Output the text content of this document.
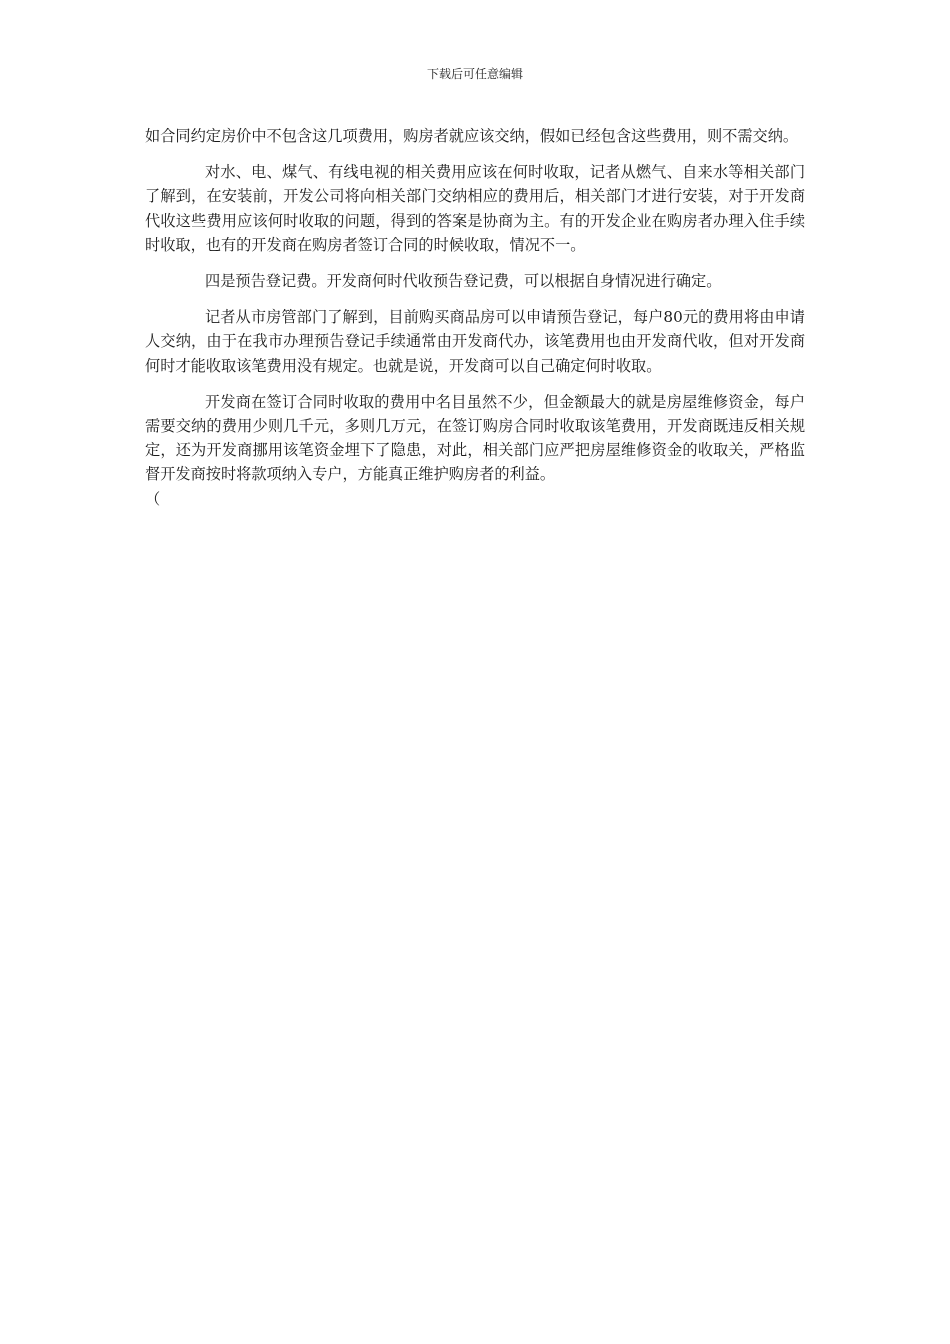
下载后可任意编辑

如合同约定房价中不包含这几项费用，购房者就应该交纳，假如已经包含这些费用，则不需交纳。

对水、电、煤气、有线电视的相关费用应该在何时收取，记者从燃气、自来水等相关部门了解到，在安装前，开发公司将向相关部门交纳相应的费用后，相关部门才进行安装，对于开发商代收这些费用应该何时收取的问题，得到的答案是协商为主。有的开发企业在购房者办理入住手续时收取，也有的开发商在购房者签订合同的时候收取，情况不一。

四是预告登记费。开发商何时代收预告登记费，可以根据自身情况进行确定。

记者从市房管部门了解到，目前购买商品房可以申请预告登记，每户80元的费用将由申请人交纳，由于在我市办理预告登记手续通常由开发商代办，该笔费用也由开发商代收，但对开发商何时才能收取该笔费用没有规定。也就是说，开发商可以自己确定何时收取。

开发商在签订合同时收取的费用中名目虽然不少，但金额最大的就是房屋维修资金，每户需要交纳的费用少则几千元，多则几万元，在签订购房合同时收取该笔费用，开发商既违反相关规定，还为开发商挪用该笔资金埋下了隐患，对此，相关部门应严把房屋维修资金的收取关，严格监督开发商按时将款项纳入专户，方能真正维护购房者的利益。

（
